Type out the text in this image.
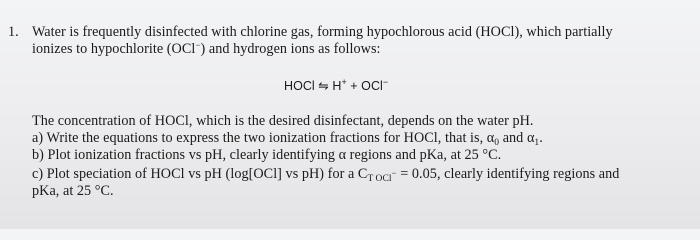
1. Water is frequently disinfected with chlorine gas, forming hypochlorous acid (HOCl), which partially
ionizes to hypochlorite (OCl−) and hydrogen ions as follows:
HOCl ⇋ H+ + OCl−
The concentration of HOCl, which is the desired disinfectant, depends on the water pH.
a) Write the equations to express the two ionization fractions for HOCl, that is, $\alpha_0$ and $\alpha_1$.
b) Plot ionization fractions vs pH, clearly identifying α regions and pKa, at 25 °C.
c) Plot speciation of HOCl vs pH (log[OCl] vs pH) for a $C_{T OCl^-} = 0.05$, clearly identifying regions and
pKa, at 25 °C.
